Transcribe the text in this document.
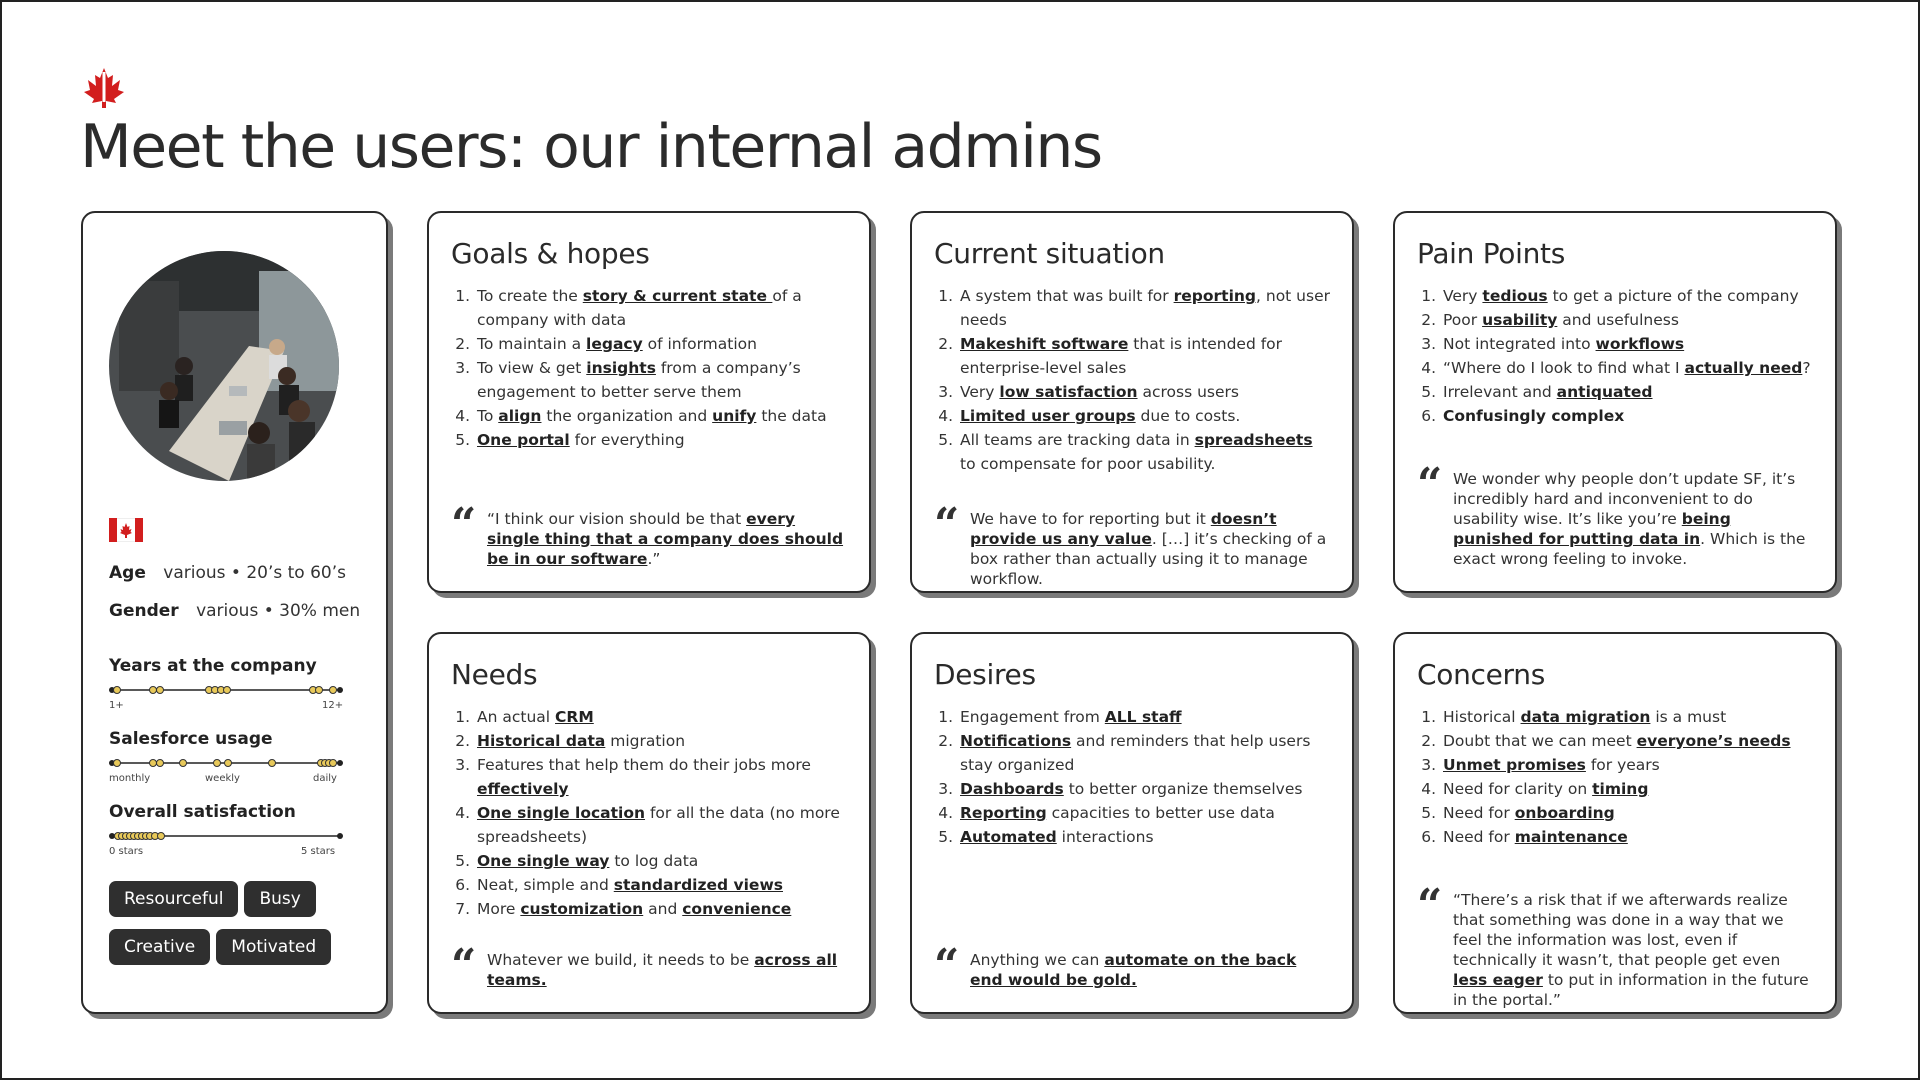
Meet the users: our internal admins
Age various • 20’s to 60’s
Gender various • 30% men
Years at the company
1+	12+
Salesforce usage
monthly	weekly	daily
Overall satisfaction
0 stars	5 stars
Resourceful Busy
Creative Motivated
Goals & hopes
1. To create the story & current state of a company with data
2. To maintain a legacy of information
3. To view & get insights from a company’s engagement to better serve them
4. To align the organization and unify the data
5. One portal for everything
“ “I think our vision should be that every single thing that a company does should be in our software.”
Current situation
1. A system that was built for reporting, not user needs
2. Makeshift software that is intended for enterprise-level sales
3. Very low satisfaction across users
4. Limited user groups due to costs.
5. All teams are tracking data in spreadsheets to compensate for poor usability.
“ We have to for reporting but it doesn’t provide us any value. […] it’s checking of a box rather than actually using it to manage workflow.
Pain Points
1. Very tedious to get a picture of the company
2. Poor usability and usefulness
3. Not integrated into workflows
4. “Where do I look to find what I actually need?
5. Irrelevant and antiquated
6. Confusingly complex
“ We wonder why people don’t update SF, it’s incredibly hard and inconvenient to do usability wise. It’s like you’re being punished for putting data in. Which is the exact wrong feeling to invoke.
Needs
1. An actual CRM
2. Historical data migration
3. Features that help them do their jobs more effectively
4. One single location for all the data (no more spreadsheets)
5. One single way to log data
6. Neat, simple and standardized views
7. More customization and convenience
“ Whatever we build, it needs to be across all teams.
Desires
1. Engagement from ALL staff
2. Notifications and reminders that help users stay organized
3. Dashboards to better organize themselves
4. Reporting capacities to better use data
5. Automated interactions
“ Anything we can automate on the back end would be gold.
Concerns
1. Historical data migration is a must
2. Doubt that we can meet everyone’s needs
3. Unmet promises for years
4. Need for clarity on timing
5. Need for onboarding
6. Need for maintenance
“ “There’s a risk that if we afterwards realize that something was done in a way that we feel the information was lost, even if technically it wasn’t, that people get even less eager to put in information in the future in the portal.”
